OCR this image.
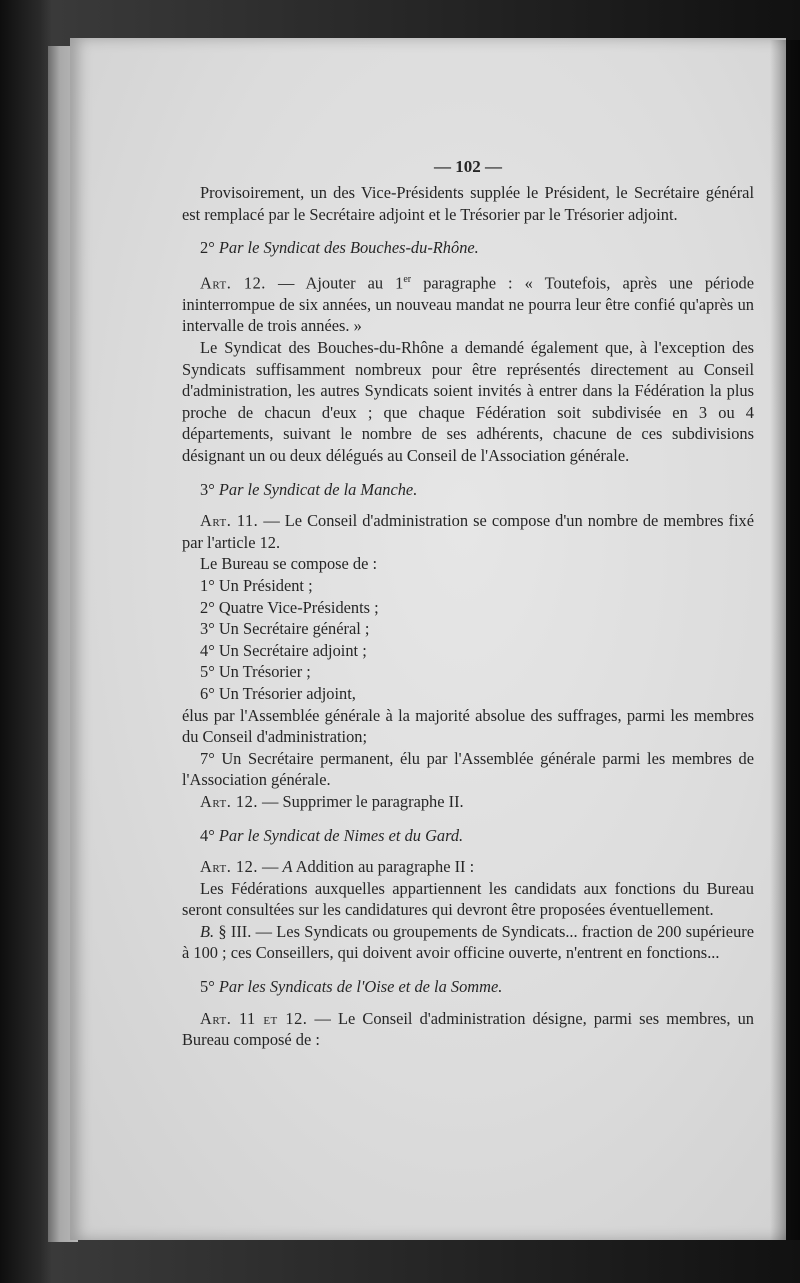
— 102 —

Provisoirement, un des Vice-Présidents supplée le Président, le Secrétaire général est remplacé par le Secrétaire adjoint et le Trésorier par le Trésorier adjoint.

2° Par le Syndicat des Bouches-du-Rhône.

Art. 12. — Ajouter au 1er paragraphe : « Toutefois, après une période ininterrompue de six années, un nouveau mandat ne pourra leur être confié qu'après un intervalle de trois années. »

Le Syndicat des Bouches-du-Rhône a demandé également que, à l'exception des Syndicats suffisamment nombreux pour être représentés directement au Conseil d'administration, les autres Syndicats soient invités à entrer dans la Fédération la plus proche de chacun d'eux ; que chaque Fédération soit subdivisée en 3 ou 4 départements, suivant le nombre de ses adhérents, chacune de ces subdivisions désignant un ou deux délégués au Conseil de l'Association générale.

3° Par le Syndicat de la Manche.

Art. 11. — Le Conseil d'administration se compose d'un nombre de membres fixé par l'article 12.

Le Bureau se compose de :

1° Un Président ;

2° Quatre Vice-Présidents ;

3° Un Secrétaire général ;

4° Un Secrétaire adjoint ;

5° Un Trésorier ;

6° Un Trésorier adjoint,

élus par l'Assemblée générale à la majorité absolue des suffrages, parmi les membres du Conseil d'administration;

7° Un Secrétaire permanent, élu par l'Assemblée générale parmi les membres de l'Association générale.

Art. 12. — Supprimer le paragraphe II.

4° Par le Syndicat de Nimes et du Gard.

Art. 12. — A Addition au paragraphe II :

Les Fédérations auxquelles appartiennent les candidats aux fonctions du Bureau seront consultées sur les candidatures qui devront être proposées éventuellement.

B. § III. — Les Syndicats ou groupements de Syndicats... fraction de 200 supérieure à 100 ; ces Conseillers, qui doivent avoir officine ouverte, n'entrent en fonctions...

5° Par les Syndicats de l'Oise et de la Somme.

Art. 11 et 12. — Le Conseil d'administration désigne, parmi ses membres, un Bureau composé de :
